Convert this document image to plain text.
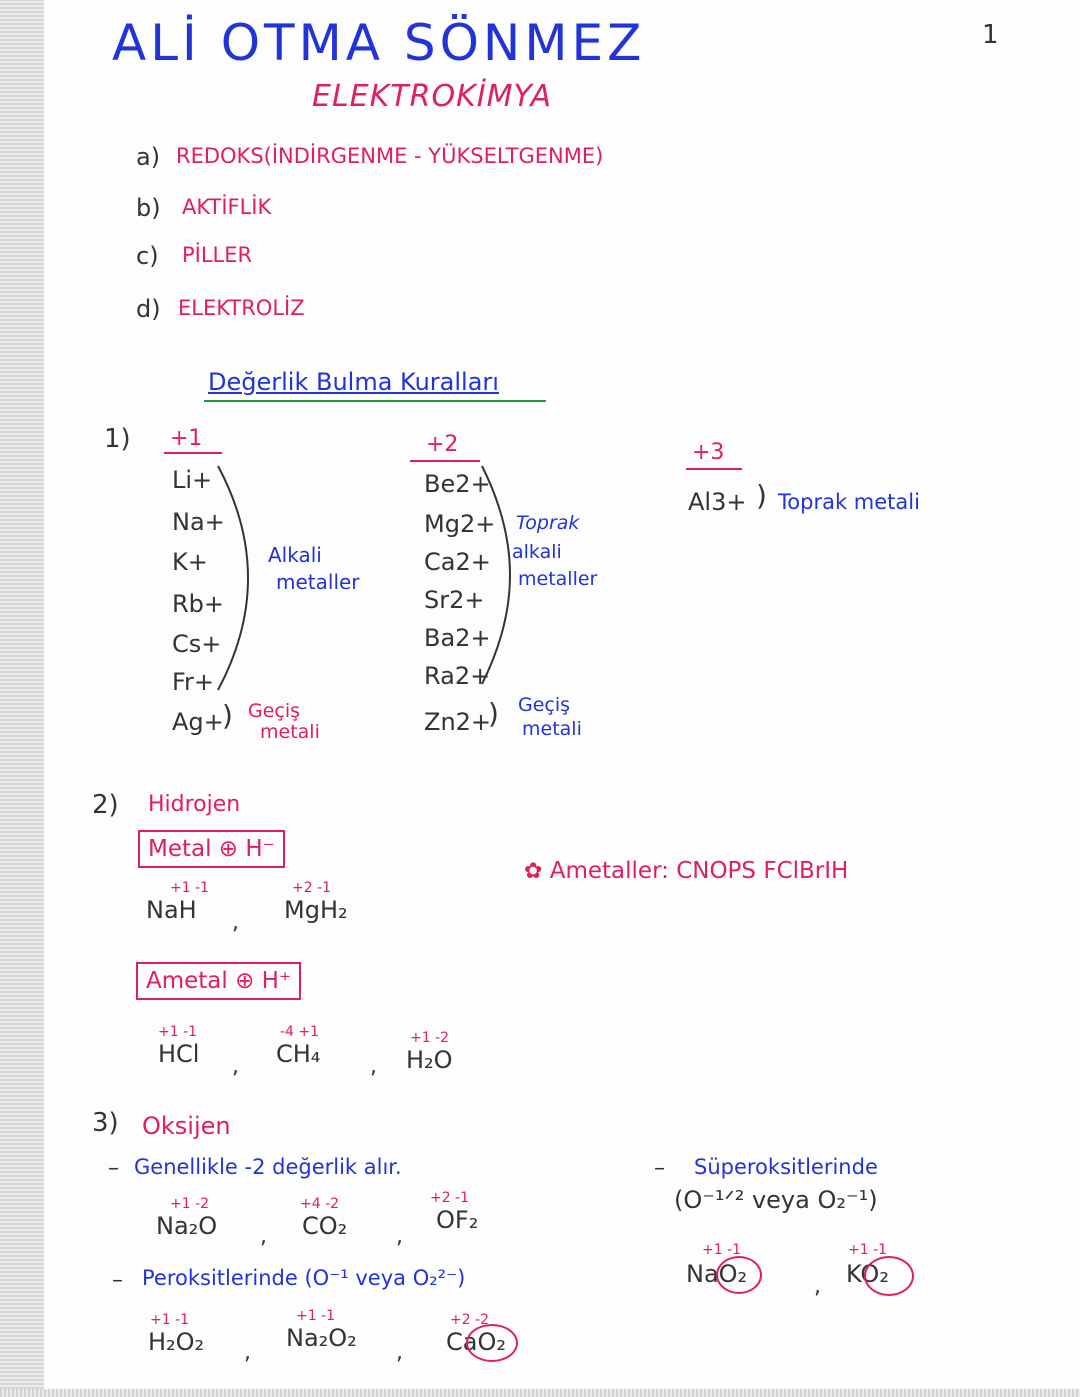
ALİ OTMA SÖNMEZ	1
ELEKTROKİMYA
a) REDOKS(İNDİRGENME - YÜKSELTGENME)
b) AKTİFLİK
c) PİLLER
d) ELEKTROLİZ
Değerlik Bulma Kuralları
1) +1
Li+
Na+
K+
Rb+
Cs+
Fr+
Alkali
metaller
Ag+
) Geçiş
metali
+2
Be2+
Mg2+
Ca2+
Sr2+
Ba2+
Ra2+
Toprak
alkali
metaller
Zn2+
) Geçiş
metali
+3
Al3+ ) Toprak metali
2) Hidrojen
Metal ⊕ H⁻
+1 -1
NaH ,
+2 -1
MgH₂
✿ Ametaller: CNOPS FClBrIH
Ametal ⊕ H⁺
+1 -1
HCl ,
-4 +1
CH₄ ,
+1 -2
H₂O
3) Oksijen
– Genellikle -2 değerlik alır.
+1 -2
Na₂O ,
+4 -2
CO₂ ,
+2 -1
OF₂
– Peroksitlerinde (O⁻¹ veya O₂²⁻)
+1 -1
H₂O₂ ,
+1 -1
Na₂O₂
,
+2 -2
CaO₂
– Süperoksitlerinde
(O⁻¹ᐟ² veya O₂⁻¹)
+1 -1
NaO₂	,
+1 -1
KO₂
